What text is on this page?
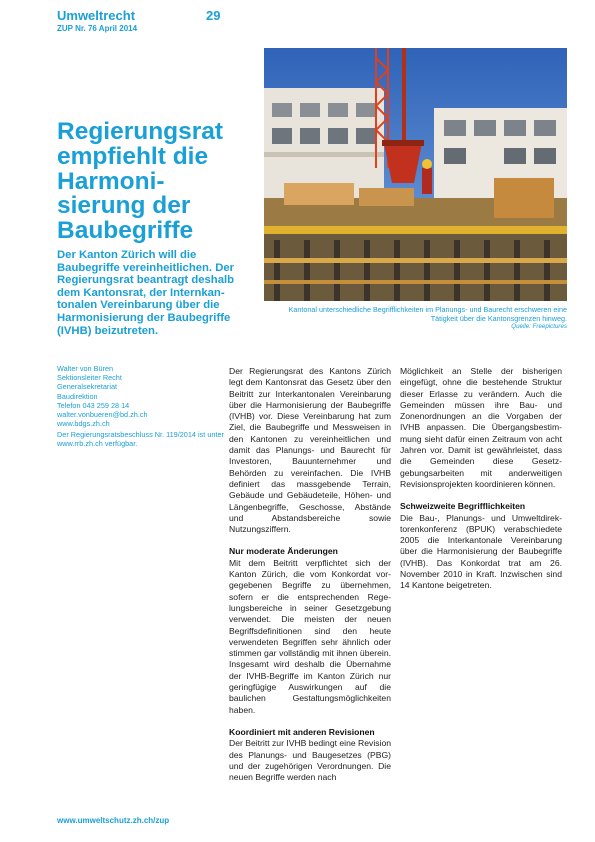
Umweltrecht	29
ZUP Nr. 76 April 2014
Kantonal unterschiedliche Begrifflichkeiten im Planungs- und Baurecht erschweren eine Tätigkeit über die Kantonsgrenzen hinweg.
Quelle: Freepictures
Regierungsrat empfiehlt die Harmonisierung der Baubegriffe
Der Kanton Zürich will die Baubegriffe vereinheitlichen. Der Regierungsrat beantragt deshalb dem Kantonsrat, der Internkantonalen Vereinbarung über die Harmonisierung der Baubegriffe (IVHB) beizutreten.
Walter von Büren
Sektionsleiter Recht
Generalsekretariat
Baudirektion
Telefon 043 259 28 14
walter.vonbueren@bd.zh.ch
www.bdgs.zh.ch
Der Regierungsratsbeschluss Nr. 119/2014 ist unter www.rrb.zh.ch verfügbar.

Der Regierungsrat des Kantons Zürich legt dem Kantonsrat das Gesetz über den Beitritt zur Interkantonalen Vereinbarung über die Harmonisierung der Baubegriffe (IVHB) vor. Diese Vereinbarung hat zum Ziel, die Baubegriffe und Messweisen in den Kantonen zu vereinheitlichen und damit das Planungs- und Baurecht für Investoren, Bauunternehmer und Behörden zu vereinfachen. Die IVHB definiert das massgebende Terrain, Gebäude und Gebäudeteile, Höhen- und Längenbegriffe, Geschosse, Abstände und Abstandsbereiche sowie Nutzungsziffern.

Nur moderate Änderungen

Mit dem Beitritt verpflichtet sich der Kanton Zürich, die vom Konkordat vorgegebenen Begriffe zu übernehmen, sofern er die entsprechenden Regelungsbereiche in seiner Gesetzgebung verwendet. Die meisten der neuen Begriffsdefinitionen sind den heute verwendeten Begriffen sehr ähnlich oder stimmen gar vollständig mit ihnen überein. Insgesamt wird deshalb die Übernahme der IVHB-Begriffe im Kanton Zürich nur geringfügige Auswirkungen auf die baulichen Gestaltungsmöglichkeiten haben.

Koordiniert mit anderen Revisionen

Der Beitritt zur IVHB bedingt eine Revision des Planungs- und Baugesetzes (PBG) und der zugehörigen Verordnungen. Die neuen Begriffe werden nach

Möglichkeit an Stelle der bisherigen eingefügt, ohne die bestehende Struktur dieser Erlasse zu verändern. Auch die Gemeinden müssen ihre Bau- und Zonenordnungen an die Vorgaben der IVHB anpassen. Die Übergangsbestimmung sieht dafür einen Zeitraum von acht Jahren vor. Damit ist gewährleistet, dass die Gemeinden diese Gesetzgebungsarbeiten mit anderweitigen Revisionsprojekten koordinieren können.

Schweizweite Begrifflichkeiten

Die Bau-, Planungs- und Umweltdirektorenkonferenz (BPUK) verabschiedete 2005 die Interkantonale Vereinbarung über die Harmonisierung der Baubegriffe (IVHB). Das Konkordat trat am 26. November 2010 in Kraft. Inzwischen sind 14 Kantone beigetreten.

www.umweltschutz.zh.ch/zup
